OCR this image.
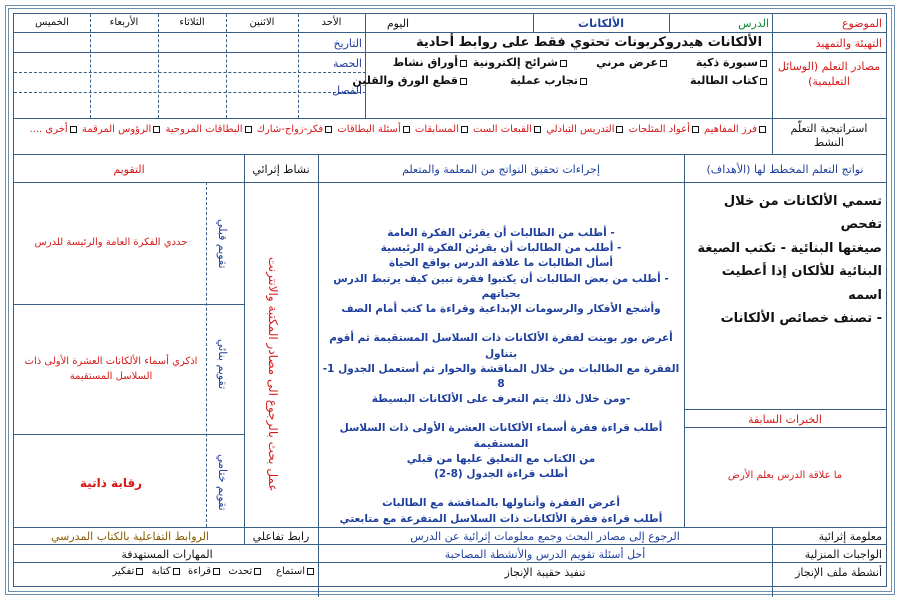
الموضوع
الدرس
الألكانات
اليوم
الأحد
الاثنين
الثلاثاء
الأربعاء
الخميس
التهيئة والتمهيد
الألكانات هيدروكربونات تحتوي فقط على روابط أحادية
التاريخ
الحصة
الفصل
مصادر التعلم (الوسائل التعليمية)
سبورة ذكية
عرض مرني
شرائح إلكترونية
أوراق نشاط
كتاب الطالبة
تجارب عملية
قطع الورق والقلين
استراتيجية التعلّم النشط
فرز المفاهيم أعواد المثلجات التدريس التبادلي القبعات الست المسابقات أسئلة البطاقات فكر-زواج-شارك البطاقات المروحية الرؤوس المرقمة أخرى ....
نواتج التعلم المخطط لها (الأهداف)
إجراءات تحقيق النواتج من المعلمة والمتعلم
نشاط إثرائي
التقويم
تسمي الألكانات من خلال تفحص
صيغتها البنائية - تكتب الصيغة
البنائية للألكان إذا أعطيت اسمه
- تصنف خصائص الألكانات
الخبرات السابقة
ما علاقة الدرس بعلم الأرض
- أطلب من الطالبات أن يقرئن الفكرة العامة
- أطلب من الطالبات أن يقرئن الفكرة الرئيسية
أسأل الطالبات ما علاقة الدرس بواقع الحياة
- أطلب من بعض الطالبات أن يكتبوا فقرة تبين كيف يرتبط الدرس بحياتهم
وأشجع الأفكار والرسومات الإبداعية وقراءة ما كتب أمام الصف
أعرض بور بوينت لفقرة الألكانات ذات السلاسل المستقيمة ثم أقوم بتناول
الفقرة مع الطالبات من خلال المناقشة والحوار ثم أستعمل الجدول 1-8
-ومن خلال ذلك يتم التعرف على الألكانات البسيطة
أطلب قراءة فقرة أسماء الألكانات العشرة الأولى ذات السلاسل المستقيمة
من الكتاب مع التعليق عليها من قبلي
أطلب قراءة الجدول (8-2)
أعرض الفقرة وأتناولها بالمناقشة مع الطالبات
أطلب قراءة فقرة الألكانات ذات السلاسل المتفرعة مع متابعتي
عمل بحث بالرجوع الى مصادر المكتبة والانترنت
تقويم قبلي
تقويم بنائي
تقويم ختامي
حددي الفكرة العامة والرئيسة للدرس
اذكري أسماء الألكانات العشرة الأولى ذات السلاسل المستقيمة
رقابة ذاتية
معلومة إثرائية
الرجوع إلى مصادر البحث وجمع معلومات إثرائية عن الدرس
رابط تفاعلي
الروابط التفاعلية بالكتاب المدرسي
الواجبات المنزلية
أحل أسئلة تقويم الدرس والأنشطة المصاحبة
المهارات المستهدفة
أنشطة ملف الإنجاز
تنفيذ حقيبة الإنجاز
استماع    تحدث  قراءة  كتابة  تفكير
